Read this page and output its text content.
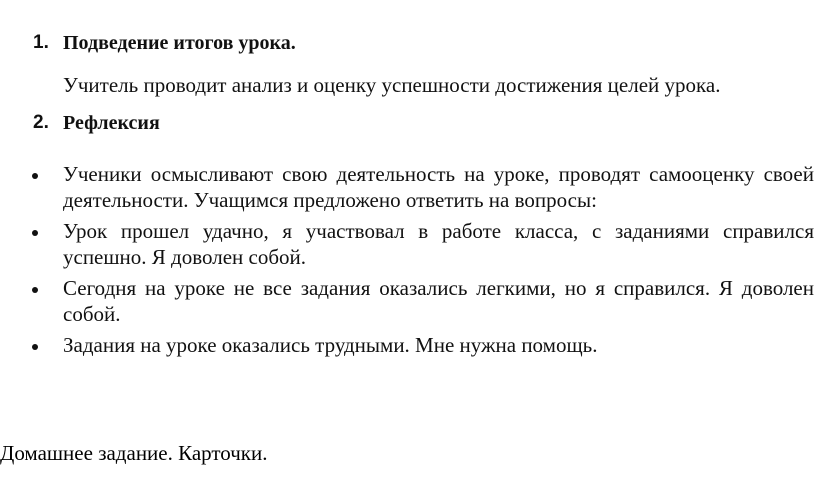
1. Подведение итогов урока.
Учитель проводит анализ и оценку успешности достижения целей урока.
2. Рефлексия
Ученики осмысливают свою деятельность на уроке, проводят самооценку своей деятельности. Учащимся предложено ответить на вопросы:
Урок прошел удачно, я участвовал в работе класса, с заданиями справился успешно. Я доволен собой.
Сегодня на уроке не все задания оказались легкими, но я справился. Я доволен собой.
Задания на уроке оказались трудными. Мне нужна помощь.
Домашнее задание. Карточки.
